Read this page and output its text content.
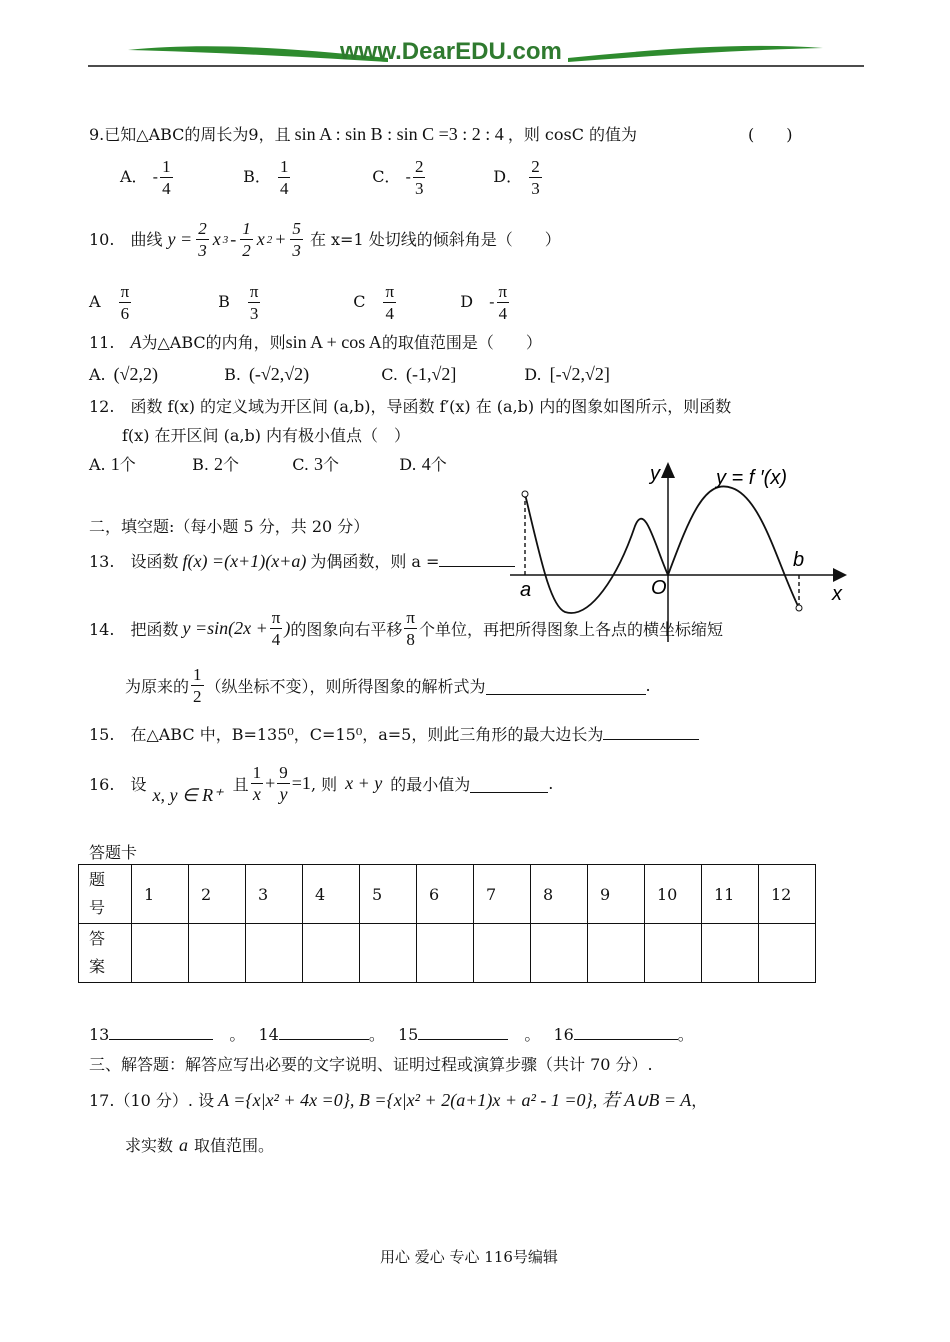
www.DearEDU.com
9.已知△ABC的周长为9，且 sin A : sin B : sin C =3 : 2 : 4 ，则 cosC 的值为	(　　)
A． - $\frac{1}{4}$	B． $\frac{1}{4}$	C． - $\frac{2}{3}$	D． $\frac{2}{3}$
10.　曲线 $y = \frac{2}{3}$ x $3 - \frac{1}{2}$ x $2 + \frac{5}{3}$ 在 x=1 处切线的倾斜角是（　　）
A　 $\frac{\pi}{6}$	B　 $\frac{\pi}{3}$	C　 $\frac{\pi}{4}$	D　 - $\frac{\pi}{4}$
11.　 A为△ABC的内角，则sin A + cos A的取值范围是（　　）
A. (√2,2)	B. (-√2,√2)	C. (-1,√2]	D. [-√2,√2]
12.　函数 f(x) 的定义域为开区间 (a,b)，导函数 f′(x) 在 (a,b) 内的图象如图所示，则函数
f(x) 在开区间 (a,b) 内有极小值点（　）
A. 1个	B. 2个	C. 3个	D. 4个	y
x
y = f ′(x)
a	O
b
二，填空题:（每小题 5 分，共 20 分）
13.　设函数 f(x) =(x+1)(x+a) 为偶函数，则 a =
14.　把函数 $y =\sin(2x + \frac{\pi}{4}$ ) 的图象向右平移 $\frac{\pi}{8}$ 个单位，再把所得图象上各点的横坐标缩短
为原来的 $\frac{1}{2}$ （纵坐标不变），则所得图象的解析式为	.
15.　在△ABC 中，B=135⁰，C=15⁰，a=5，则此三角形的最大边长为
16.　设
x, y ∈ R⁺
且 $\frac{1}{x} + \frac{9}{y} =1$ , 则 x + y 的最小值为	.
答题卡
题号	1	2	3	4	5	6	7	8	9	10	11	12
答案												
13　	。　 14	。　 15　	。　 16	。
三、解答题：解答应写出必要的文字说明、证明过程或演算步骤（共计 70 分）.
17.（10 分）. 设 A ={x|x² + 4x =0}, B ={x|x² + 2(a+1)x + a² - 1 =0}, 若 A∪B = A，
求实数 a 取值范围。
用心 爱心 专心 116号编辑
